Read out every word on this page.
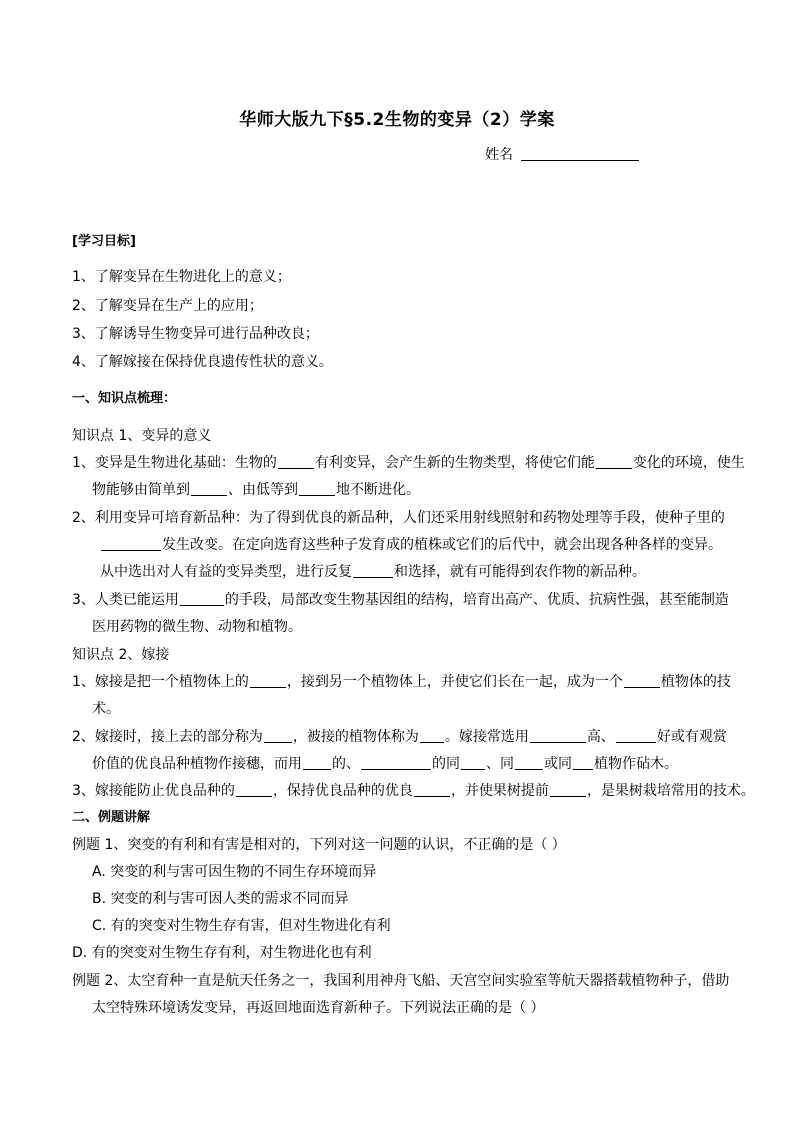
华师大版九下§5.2生物的变异（2）学案
姓名
[学习目标]
1、了解变异在生物进化上的意义；
2、了解变异在生产上的应用；
3、了解诱导生物变异可进行品种改良；
4、了解嫁接在保持优良遗传性状的意义。
一、知识点梳理：
知识点 1、变异的意义
1、变异是生物进化基础：生物的	有利变异，会产生新的生物类型，将使它们能	变化的环境，使生
物能够由简单到	、由低等到	地不断进化。
2、利用变异可培育新品种：为了得到优良的新品种，人们还采用射线照射和药物处理等手段，使种子里的
发生改变。在定向选育这些种子发育成的植株或它们的后代中，就会出现各种各样的变异。
从中选出对人有益的变异类型，进行反复	和选择，就有可能得到农作物的新品种。
3、人类已能运用	的手段，局部改变生物基因组的结构，培育出高产、优质、抗病性强，甚至能制造
医用药物的微生物、动物和植物。
知识点 2、嫁接
1、嫁接是把一个植物体上的	，接到另一个植物体上，并使它们长在一起，成为一个	植物体的技
术。
2、嫁接时，接上去的部分称为 ，被接的植物体称为 。嫁接常选用	高、	好或有观赏
价值的优良品种植物作接穗，而用 的、	的同 、同 或同 植物作砧木。
3、嫁接能防止优良品种的	，保持优良品种的优良	，并使果树提前	，是果树栽培常用的技术。
二、例题讲解
例题 1、突变的有利和有害是相对的，下列对这一问题的认识，不正确的是（ ）
A. 突变的利与害可因生物的不同生存环境而异
B. 突变的利与害可因人类的需求不同而异
C. 有的突变对生物生存有害，但对生物进化有利
D. 有的突变对生物生存有利，对生物进化也有利
例题 2、太空育种一直是航天任务之一，我国利用神舟飞船、天宫空间实验室等航天器搭载植物种子，借助
太空特殊环境诱发变异，再返回地面选育新种子。下列说法正确的是（ ）
